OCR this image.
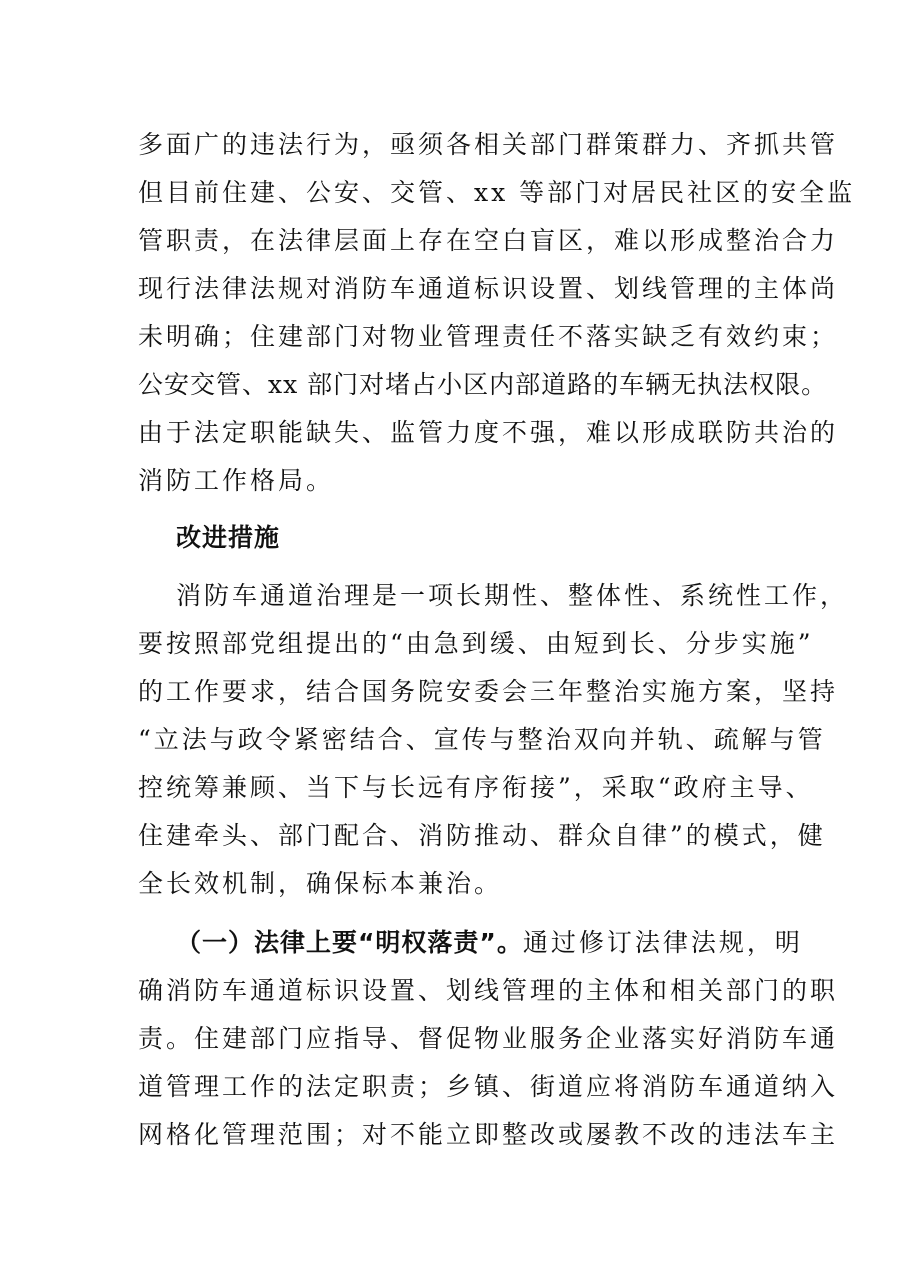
多面广的违法行为，亟须各相关部门群策群力、齐抓共管
但目前住建、公安、交管、xx 等部门对居民社区的安全监
管职责，在法律层面上存在空白盲区，难以形成整治合力
现行法律法规对消防车通道标识设置、划线管理的主体尚
未明确；住建部门对物业管理责任不落实缺乏有效约束；
公安交管、xx 部门对堵占小区内部道路的车辆无执法权限。
由于法定职能缺失、监管力度不强，难以形成联防共治的
消防工作格局。
改进措施
消防车通道治理是一项长期性、整体性、系统性工作，
要按照部党组提出的“由急到缓、由短到长、分步实施”
的工作要求，结合国务院安委会三年整治实施方案，坚持
“立法与政令紧密结合、宣传与整治双向并轨、疏解与管
控统筹兼顾、当下与长远有序衔接”，采取“政府主导、
住建牵头、部门配合、消防推动、群众自律”的模式，健
全长效机制，确保标本兼治。
（一）法律上要“明权落责”。通过修订法律法规，明
确消防车通道标识设置、划线管理的主体和相关部门的职
责。住建部门应指导、督促物业服务企业落实好消防车通
道管理工作的法定职责；乡镇、街道应将消防车通道纳入
网格化管理范围；对不能立即整改或屡教不改的违法车主
